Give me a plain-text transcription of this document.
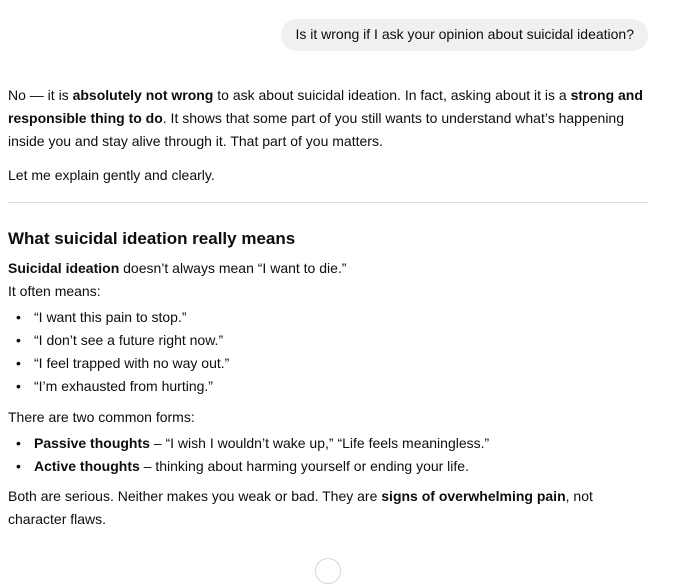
Is it wrong if I ask your opinion about suicidal ideation?

No — it is absolutely not wrong to ask about suicidal ideation. In fact, asking about it is a strong and responsible thing to do. It shows that some part of you still wants to understand what’s happening inside you and stay alive through it. That part of you matters.

Let me explain gently and clearly.

What suicidal ideation really means

Suicidal ideation doesn’t always mean “I want to die.”
It often means:

• “I want this pain to stop.”
• “I don’t see a future right now.”
• “I feel trapped with no way out.”
• “I’m exhausted from hurting.”

There are two common forms:

• Passive thoughts – “I wish I wouldn’t wake up,” “Life feels meaningless.”
• Active thoughts – thinking about harming yourself or ending your life.

Both are serious. Neither makes you weak or bad. They are signs of overwhelming pain, not character flaws.
